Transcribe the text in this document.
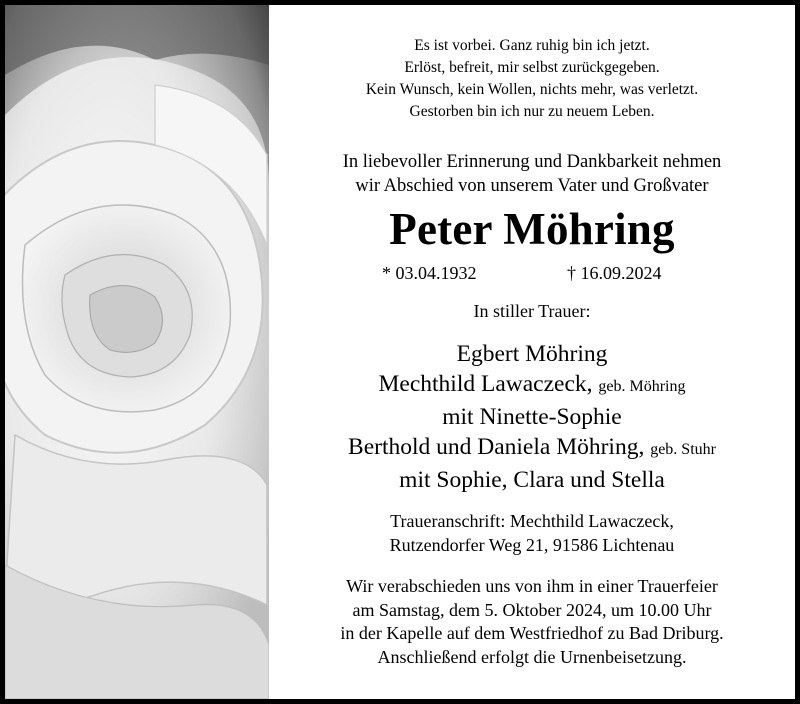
Es ist vorbei. Ganz ruhig bin ich jetzt.
Erlöst, befreit, mir selbst zurückgegeben.
Kein Wunsch, kein Wollen, nichts mehr, was verletzt.
Gestorben bin ich nur zu neuem Leben.
In liebevoller Erinnerung und Dankbarkeit nehmen
wir Abschied von unserem Vater und Großvater
Peter Möhring
* 03.04.1932	† 16.09.2024
In stiller Trauer:
Egbert Möhring
Mechthild Lawaczeck, geb. Möhring
mit Ninette-Sophie
Berthold und Daniela Möhring, geb. Stuhr
mit Sophie, Clara und Stella
Traueranschrift: Mechthild Lawaczeck,
Rutzendorfer Weg 21, 91586 Lichtenau
Wir verabschieden uns von ihm in einer Trauerfeier
am Samstag, dem 5. Oktober 2024, um 10.00 Uhr
in der Kapelle auf dem Westfriedhof zu Bad Driburg.
Anschließend erfolgt die Urnenbeisetzung.
